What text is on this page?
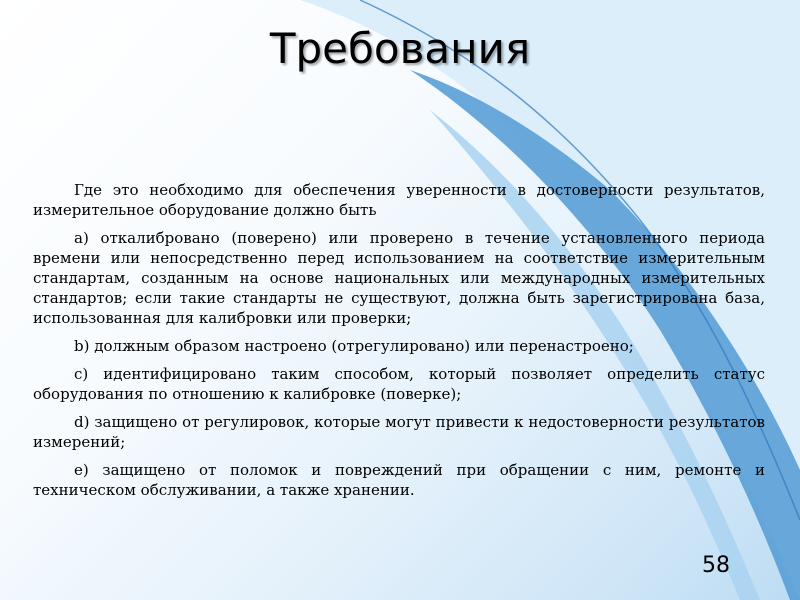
Требования

Где это необходимо для обеспечения уверенности в достоверности результатов, измерительное оборудование должно быть

a) откалибровано (поверено) или проверено в течение установленного периода времени или непосредственно перед использованием на соответствие измерительным стандартам, созданным на основе национальных или международных измерительных стандартов; если такие стандарты не существуют, должна быть зарегистрирована база, использованная для калибровки или проверки;

b) должным образом настроено (отрегулировано) или перенастроено;

c) идентифицировано таким способом, который позволяет определить статус оборудования по отношению к калибровке (поверке);

d) защищено от регулировок, которые могут привести к недостоверности результатов измерений;

e) защищено от поломок и повреждений при обращении с ним, ремонте и техническом обслуживании, а также хранении.

58
